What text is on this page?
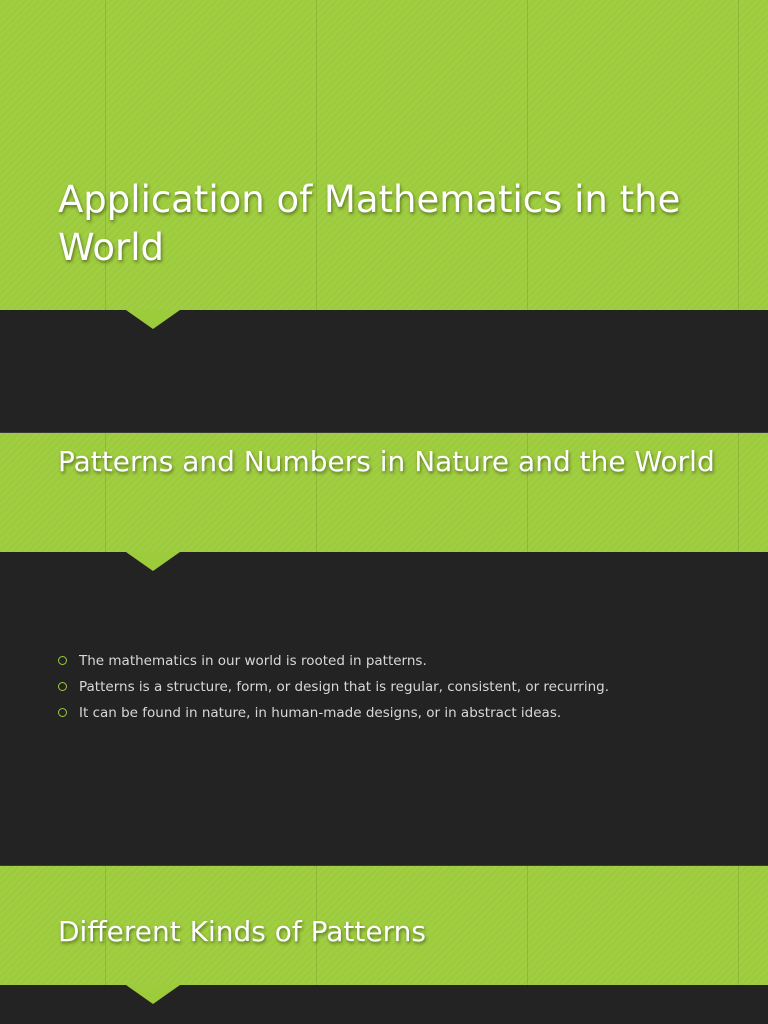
Application of Mathematics in the World
The mathematics in our world is rooted in patterns.
Patterns is a structure, form, or design that is regular, consistent, or recurring.
It can be found in nature, in human-made designs, or in abstract ideas.
Patterns and Numbers in Nature and the World
Different Kinds of Patterns
